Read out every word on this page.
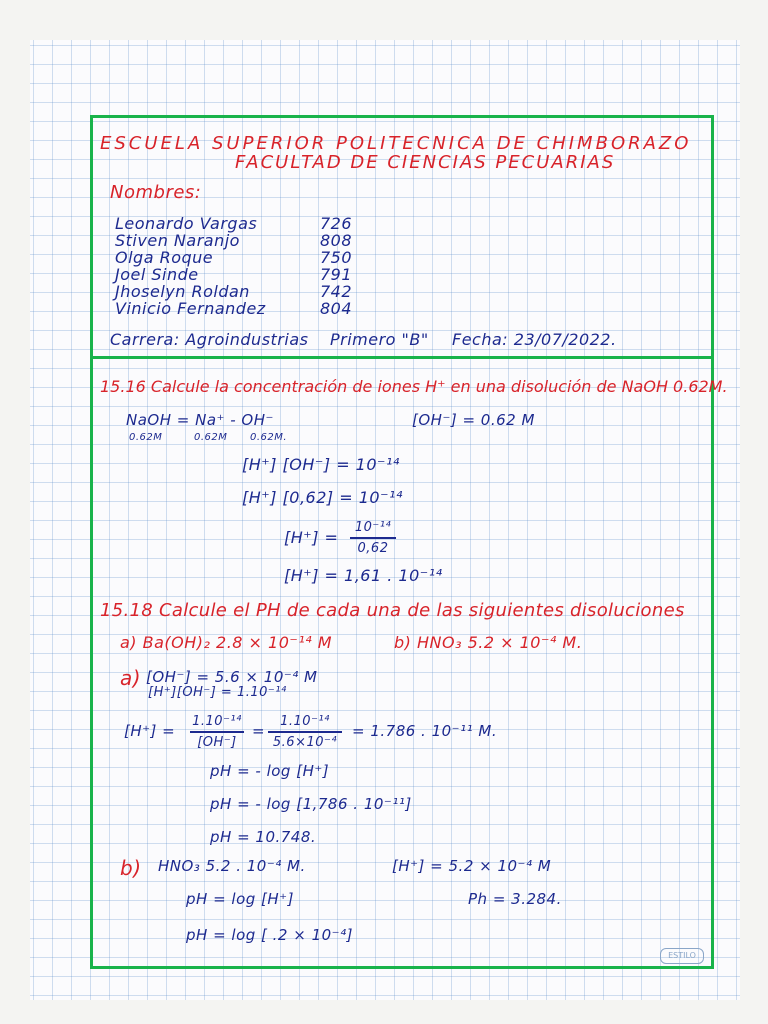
ESCUELA SUPERIOR POLITECNICA DE CHIMBORAZO
FACULTAD DE CIENCIAS PECUARIAS
Nombres:
Leonardo Vargas	726
Stiven Naranjo	808
Olga Roque	750
Joel Sinde	791
Jhoselyn Roldan	742
Vinicio Fernandez	804
Carrera: Agroindustrias Primero "B" Fecha: 23/07/2022.
15.16 Calcule la concentración de iones H⁺ en una disolución de NaOH 0.62M.
NaOH = Na⁺ - OH⁻
0.62M	0.62M 0.62M.
[OH⁻] = 0.62 M
[H⁺] [OH⁻] = 10⁻¹⁴
[H⁺] [0,62] = 10⁻¹⁴
[H⁺] =
10⁻¹⁴
0,62
[H⁺] = 1,61 . 10⁻¹⁴
15.18 Calcule el PH de cada una de las siguientes disoluciones
a) Ba(OH)₂ 2.8 × 10⁻¹⁴ M	b) HNO₃ 5.2 × 10⁻⁴ M.
a) [OH⁻] = 5.6 × 10⁻⁴ M
[H⁺][OH⁻] = 1.10⁻¹⁴
[H⁺] =
1.10⁻¹⁴
[OH⁻]
=
1.10⁻¹⁴
5.6×10⁻⁴
= 1.786 . 10⁻¹¹ M.
pH = - log [H⁺]
pH = - log [1,786 . 10⁻¹¹]
pH = 10.748.
b) HNO₃ 5.2 . 10⁻⁴ M.	[H⁺] = 5.2 × 10⁻⁴ M
pH = log [H⁺]	Ph = 3.284.
pH = log [ .2 × 10⁻⁴]
ESTILO
